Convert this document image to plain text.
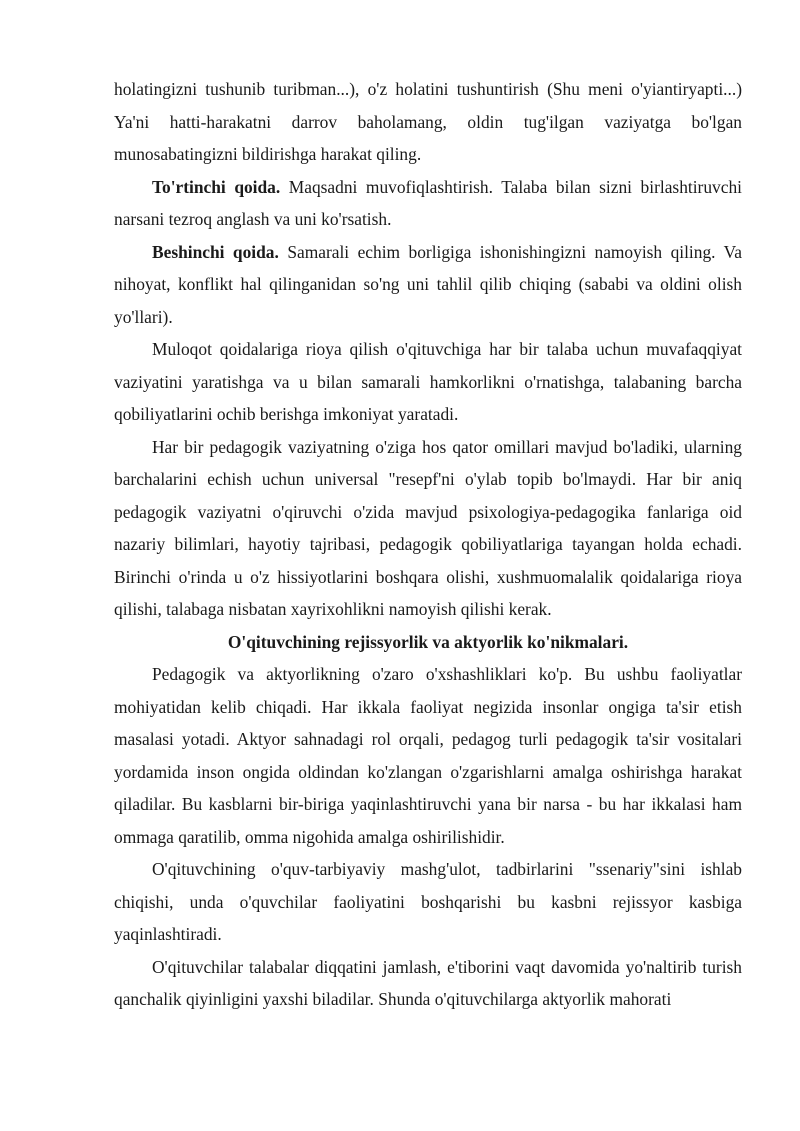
holatingizni tushunib turibman...), o'z holatini tushuntirish (Shu meni o'yiantiryapti...) Ya'ni hatti-harakatni darrov baholamang, oldin tug'ilgan vaziyatga bo'lgan munosabatingizni bildirishga harakat qiling.

To'rtinchi qoida. Maqsadni muvofiqlashtirish. Talaba bilan sizni birlashtiruvchi narsani tezroq anglash va uni ko'rsatish.

Beshinchi qoida. Samarali echim borligiga ishonishingizni namoyish qiling. Va nihoyat, konflikt hal qilinganidan so'ng uni tahlil qilib chiqing (sababi va oldini olish yo'llari).

Muloqot qoidalariga rioya qilish o'qituvchiga har bir talaba uchun muvafaqqiyat vaziyatini yaratishga va u bilan samarali hamkorlikni o'rnatishga, talabaning barcha qobiliyatlarini ochib berishga imkoniyat yaratadi.

Har bir pedagogik vaziyatning o'ziga hos qator omillari mavjud bo'ladiki, ularning barchalarini echish uchun universal "resepf'ni o'ylab topib bo'lmaydi. Har bir aniq pedagogik vaziyatni o'qiruvchi o'zida mavjud psixologiya-pedagogika fanlariga oid nazariy bilimlari, hayotiy tajribasi, pedagogik qobiliyatlariga tayangan holda echadi. Birinchi o'rinda u o'z hissiyotlarini boshqara olishi, xushmuomalalik qoidalariga rioya qilishi, talabaga nisbatan xayrixohlikni namoyish qilishi kerak.

O'qituvchining rejissyorlik va aktyorlik ko'nikmalari.

Pedagogik va aktyorlikning o'zaro o'xshashliklari ko'p. Bu ushbu faoliyatlar mohiyatidan kelib chiqadi. Har ikkala faoliyat negizida insonlar ongiga ta'sir etish masalasi yotadi. Aktyor sahnadagi rol orqali, pedagog turli pedagogik ta'sir vositalari yordamida inson ongida oldindan ko'zlangan o'zgarishlarni amalga oshirishga harakat qiladilar. Bu kasblarni bir-biriga yaqinlashtiruvchi yana bir narsa - bu har ikkalasi ham ommaga qaratilib, omma nigohida amalga oshirilishidir.

O'qituvchining o'quv-tarbiyaviy mashg'ulot, tadbirlarini "ssenariy"sini ishlab chiqishi, unda o'quvchilar faoliyatini boshqarishi bu kasbni rejissyor kasbiga yaqinlashtiradi.

O'qituvchilar talabalar diqqatini jamlash, e'tiborini vaqt davomida yo'naltirib turish qanchalik qiyinligini yaxshi biladilar. Shunda o'qituvchilarga aktyorlik mahorati
